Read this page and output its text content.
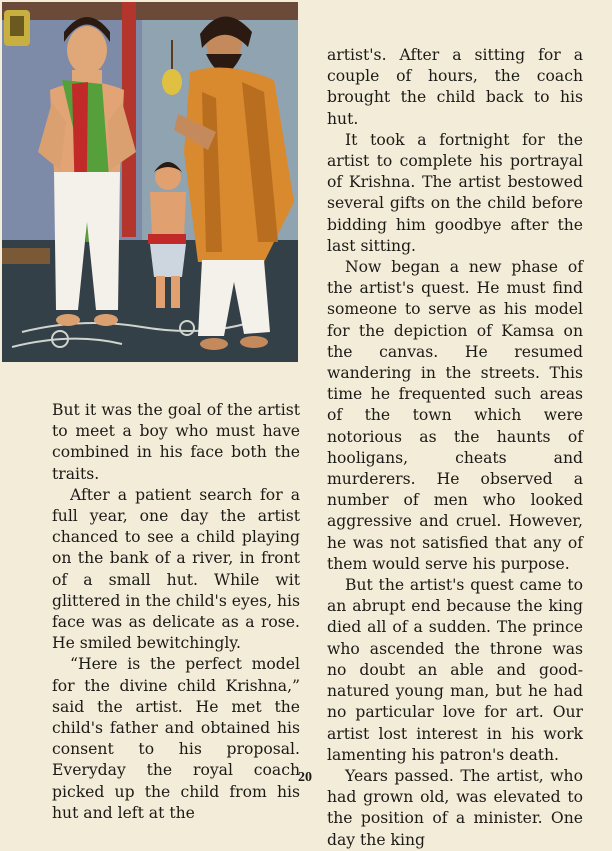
But it was the goal of the artist to meet a boy who must have combined in his face both the traits.

After a patient search for a full year, one day the artist chanced to see a child playing on the bank of a river, in front of a small hut. While wit glittered in the child's eyes, his face was as delicate as a rose. He smiled bewitchingly.

“Here is the perfect model for the divine child Krishna,” said the artist. He met the child's father and obtained his consent to his proposal. Everyday the royal coach picked up the child from his hut and left at the

artist's. After a sitting for a couple of hours, the coach brought the child back to his hut.

It took a fortnight for the artist to complete his portrayal of Krishna. The artist bestowed several gifts on the child before bidding him goodbye after the last sitting.

Now began a new phase of the artist's quest. He must find someone to serve as his model for the depiction of Kamsa on the canvas. He resumed wandering in the streets. This time he frequented such areas of the town which were notorious as the haunts of hooligans, cheats and murderers. He observed a number of men who looked aggressive and cruel. However, he was not satisfied that any of them would serve his purpose.

But the artist's quest came to an abrupt end because the king died all of a sudden. The prince who ascended the throne was no doubt an able and good-natured young man, but he had no particular love for art. Our artist lost interest in his work lamenting his patron's death.

Years passed. The artist, who had grown old, was elevated to the position of a minister. One day the king

20
